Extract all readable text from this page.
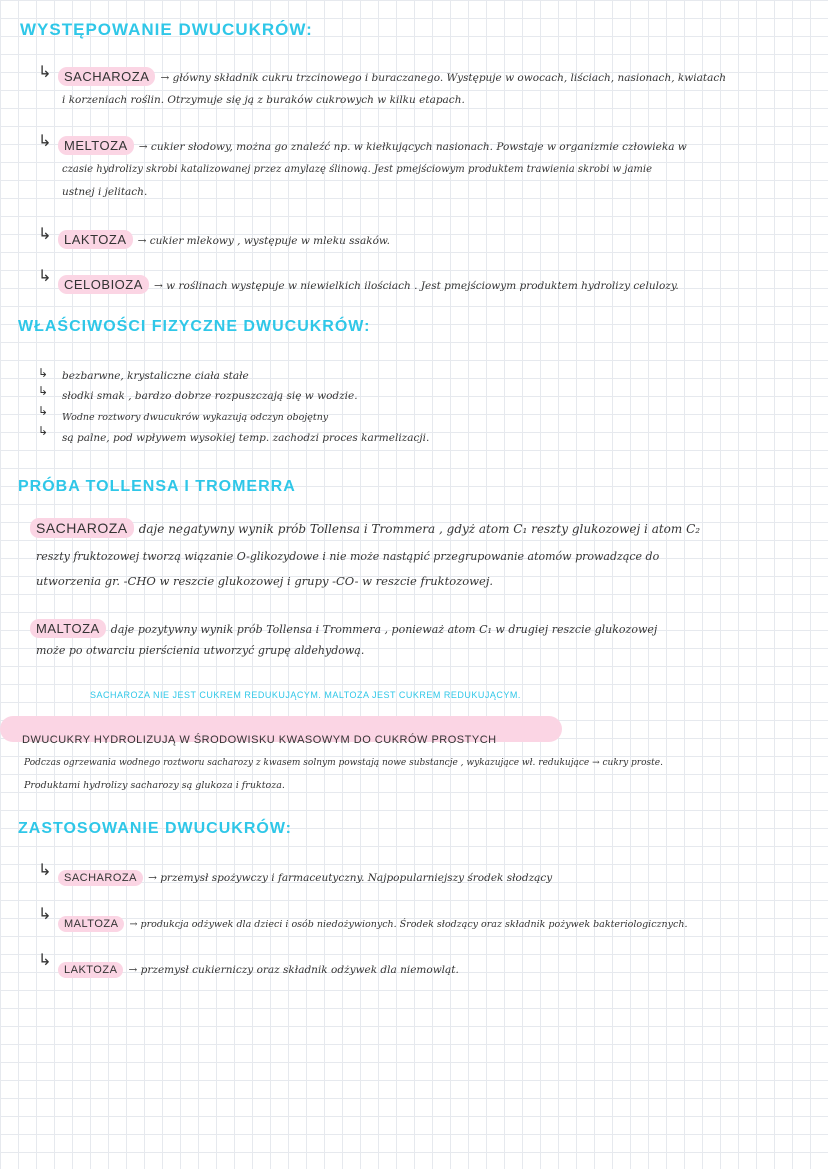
WYSTĘPOWANIE DWUCUKRÓW:
↳ SACHAROZA → główny składnik cukru trzcinowego i buraczanego. Występuje w owocach, liściach, nasionach, kwiatach
i korzeniach roślin. Otrzymuje się ją z buraków cukrowych w kilku etapach.
↳ MELTOZA → cukier słodowy, można go znaleźć np. w kiełkujących nasionach. Powstaje w organizmie człowieka w
czasie hydrolizy skrobi katalizowanej przez amylazę ślinową. Jest pmejściowym produktem trawienia skrobi w jamie
ustnej i jelitach.
↳ LAKTOZA → cukier mlekowy , występuje w mleku ssaków.
↳ CELOBIOZA → w roślinach występuje w niewielkich ilościach . Jest pmejściowym produktem hydrolizy celulozy.
WŁAŚCIWOŚCI FIZYCZNE DWUCUKRÓW:
↳ bezbarwne, krystaliczne ciała stałe
↳ słodki smak , bardzo dobrze rozpuszczają się w wodzie.
↳ Wodne roztwory dwucukrów wykazują odczyn obojętny
↳ są palne, pod wpływem wysokiej temp. zachodzi proces karmelizacji.
PRÓBA TOLLENSA I TROMERRA
SACHAROZA daje negatywny wynik prób Tollensa i Trommera , gdyż atom C₁ reszty glukozowej i atom C₂
reszty fruktozowej tworzą wiązanie O-glikozydowe i nie może nastąpić przegrupowanie atomów prowadzące do
utworzenia gr. -CHO w reszcie glukozowej i grupy -CO- w reszcie fruktozowej.
MALTOZA daje pozytywny wynik prób Tollensa i Trommera , ponieważ atom C₁ w drugiej reszcie glukozowej
może po otwarciu pierścienia utworzyć grupę aldehydową.
SACHAROZA NIE JEST CUKREM REDUKUJĄCYM. MALTOZA JEST CUKREM REDUKUJĄCYM.
DWUCUKRY HYDROLIZUJĄ W ŚRODOWISKU KWASOWYM DO CUKRÓW PROSTYCH
Podczas ogrzewania wodnego roztworu sacharozy z kwasem solnym powstają nowe substancje , wykazujące wł. redukujące → cukry proste.
Produktami hydrolizy sacharozy są glukoza i fruktoza.
ZASTOSOWANIE DWUCUKRÓW:
↳	SACHAROZA → przemysł spożywczy i farmaceutyczny. Najpopularniejszy środek słodzący
↳
MALTOZA → produkcja odżywek dla dzieci i osób niedożywionych. Środek słodzący oraz składnik pożywek bakteriologicznych.
↳
LAKTOZA → przemysł cukierniczy oraz składnik odżywek dla niemowląt.
